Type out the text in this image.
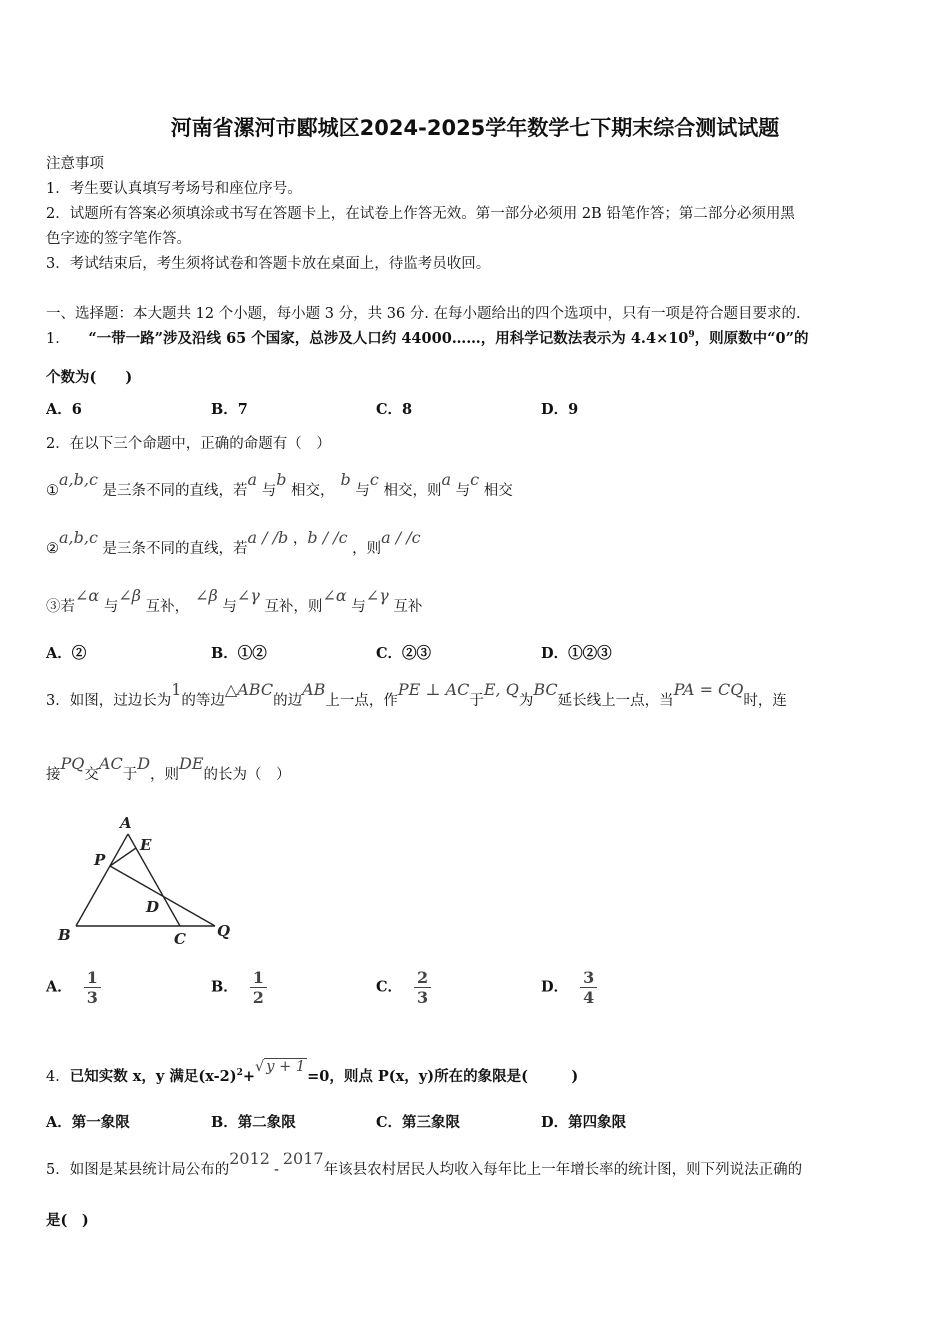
河南省漯河市郾城区2024-2025学年数学七下期末综合测试试题
注意事项
1．考生要认真填写考场号和座位序号。
2．试题所有答案必须填涂或书写在答题卡上，在试卷上作答无效。第一部分必须用 2B 铅笔作答；第二部分必须用黑
色字迹的签字笔作答。
3．考试结束后，考生须将试卷和答题卡放在桌面上，待监考员收回。
一、选择题：本大题共 12 个小题，每小题 3 分，共 36 分. 在每小题给出的四个选项中，只有一项是符合题目要求的.
1． “一带一路”涉及沿线 65 个国家，总涉及人口约 44000……，用科学记数法表示为 $4.4\times 10^9$，则原数中“0”的
个数为(　　)
A．6	B．7	C．8	D．9
2．在以下三个命题中，正确的命题有（　）
①a,b,c 是三条不同的直线，若a 与b 相交，b 与c 相交，则a 与c 相交
②a,b,c 是三条不同的直线，若a / /b ，b / /c ，则a / /c
③若∠α 与∠β 互补，∠β 与∠γ 互补，则∠α 与∠γ 互补
A．②	B．①②	C．②③	D．①②③
3．如图，过边长为1的等边△ABC的边AB上一点，作PE ⊥ AC于E, Q为BC延长线上一点，当PA = CQ时，连
接PQ交AC于D，则DE的长为（　）
A
E
P
D
B	C Q
A． $\frac{1}{3}$	B． $\frac{1}{2}$	C． $\frac{2}{3}$	D． $\frac{3}{4}$
4．已知实数 x，y 满足$(x-2)^2+√$ y + 1=0，则点 P(x，y)所在的象限是(　　　)
A．第一象限	B．第二象限	C．第三象限	D．第四象限
5．如图是某县统计局公布的2012-2017年该县农村居民人均收入每年比上一年增长率的统计图，则下列说法正确的
是(　)
